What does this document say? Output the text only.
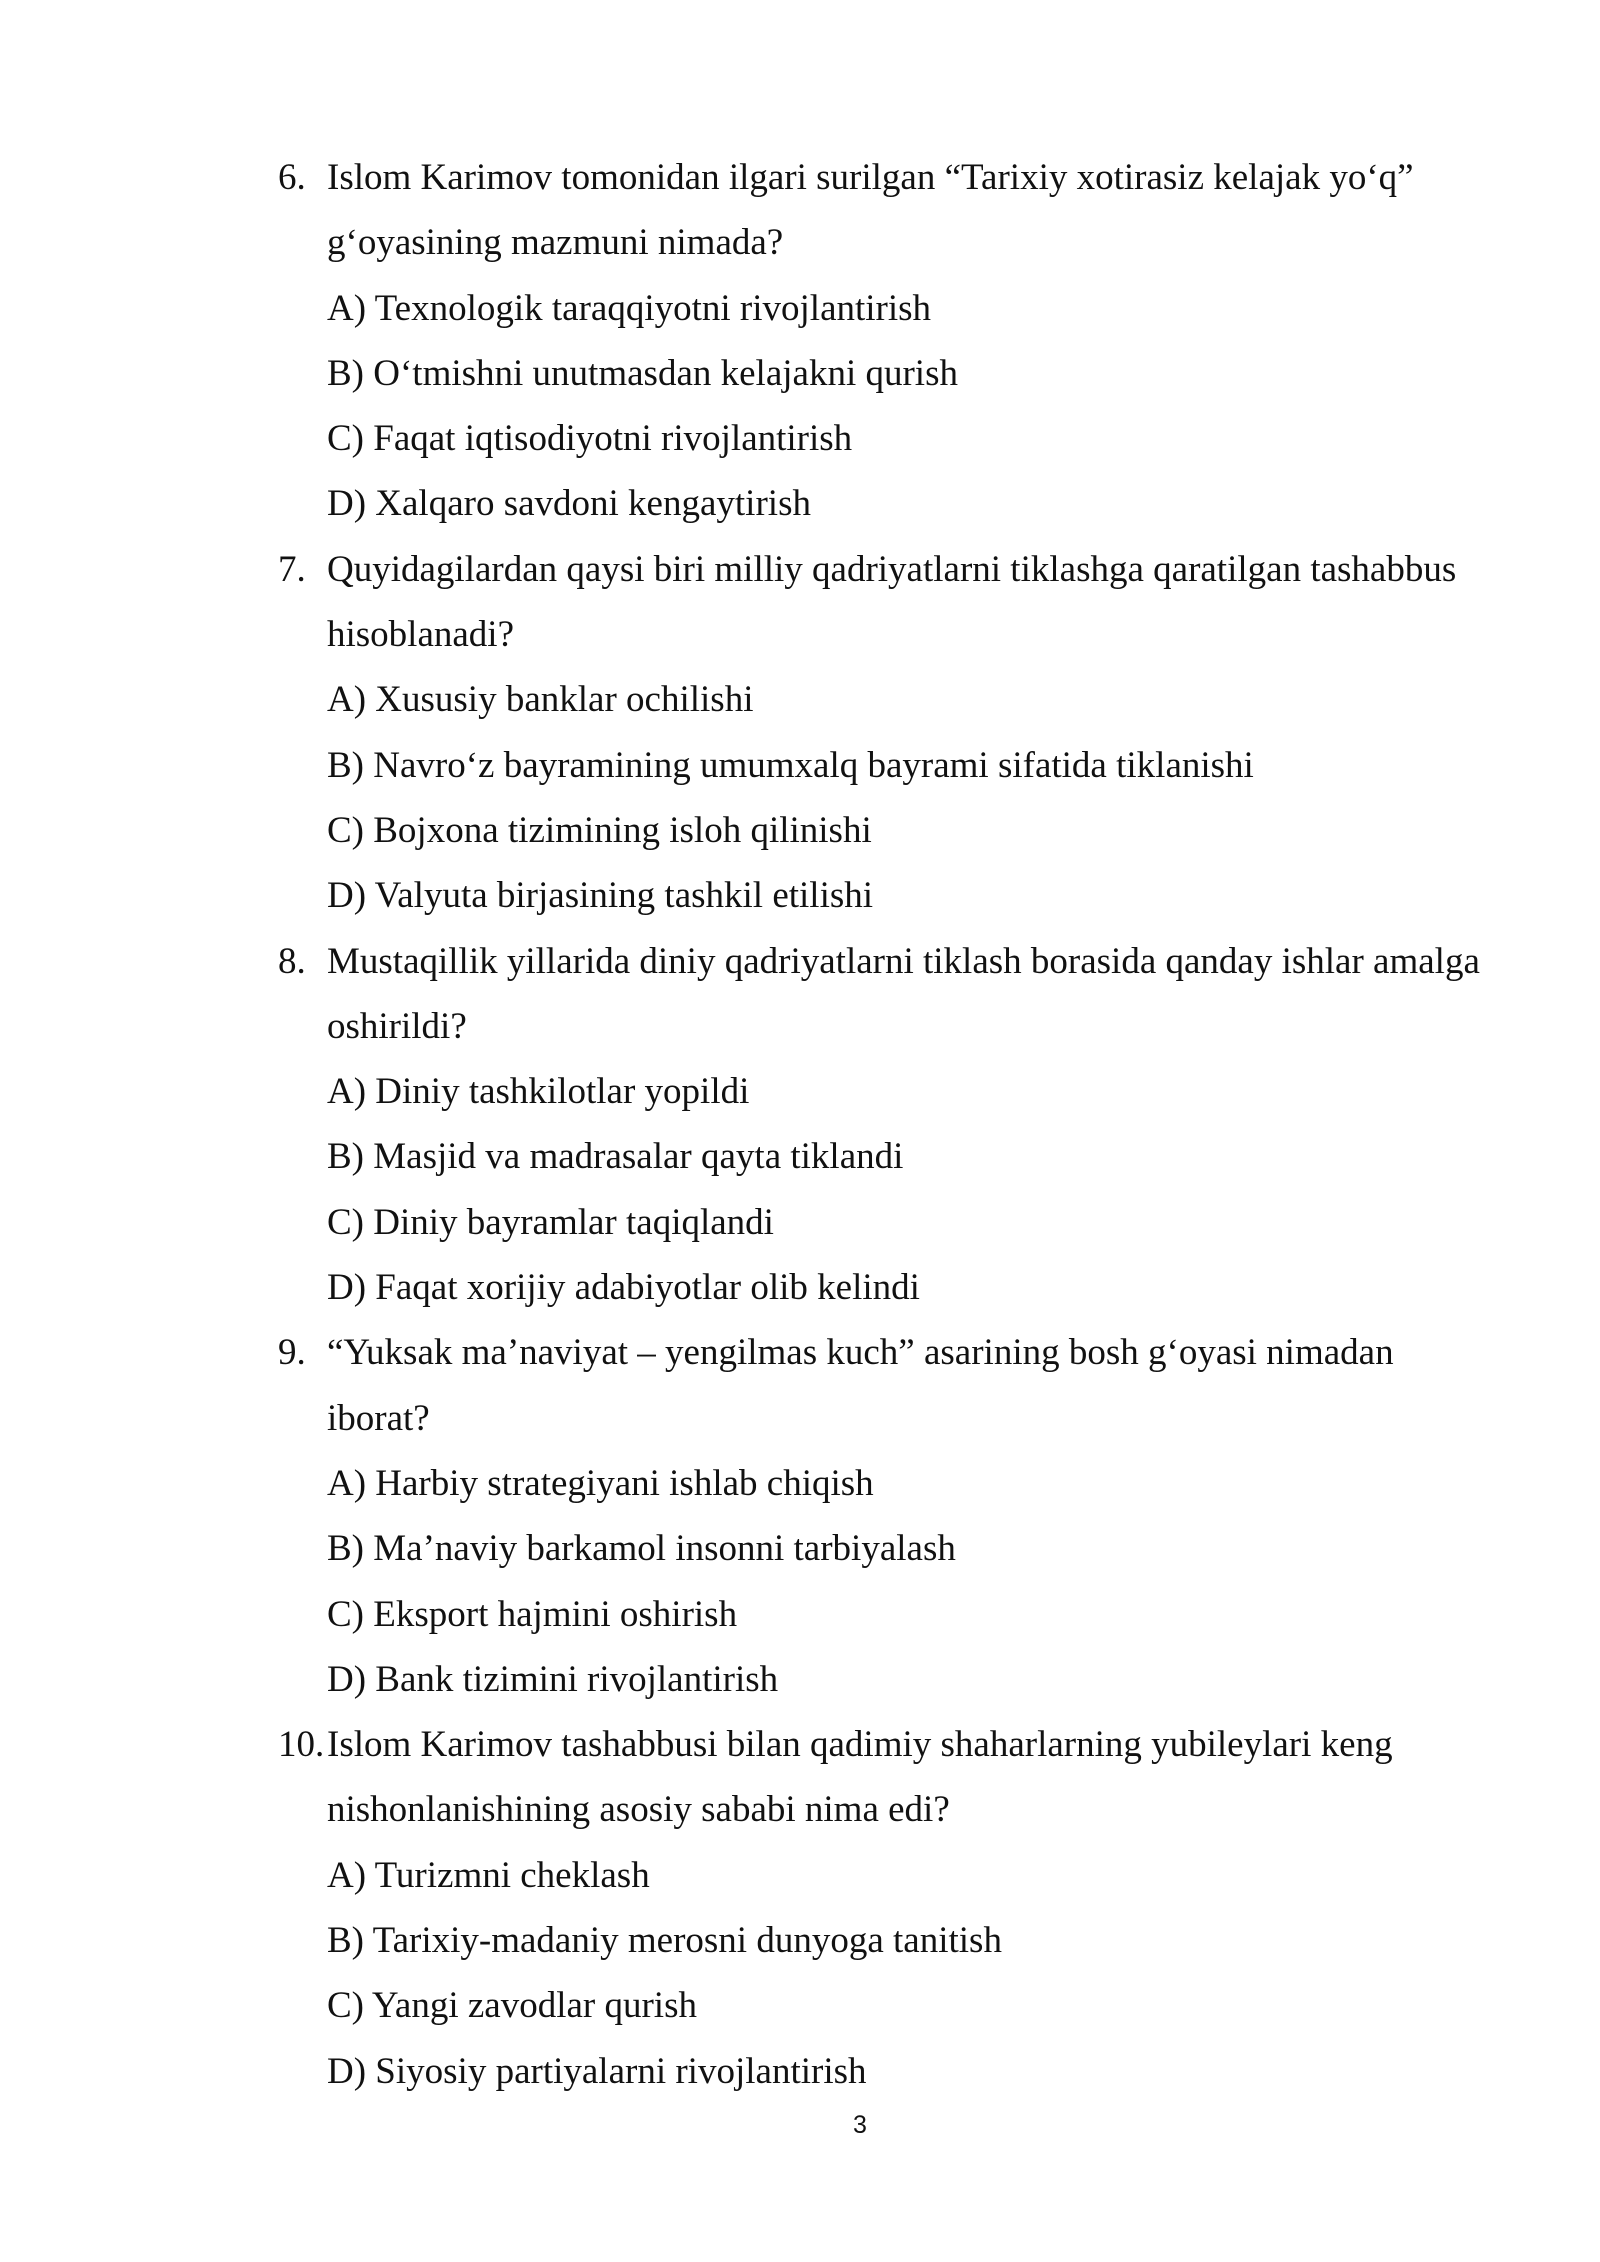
6. Islom Karimov tomonidan ilgari surilgan “Tarixiy xotirasiz kelajak yo‘q” g‘oyasining mazmuni nimada?

A) Texnologik taraqqiyotni rivojlantirish
B) O‘tmishni unutmasdan kelajakni qurish
C) Faqat iqtisodiyotni rivojlantirish
D) Xalqaro savdoni kengaytirish
7. Quyidagilardan qaysi biri milliy qadriyatlarni tiklashga qaratilgan tashabbus hisoblanadi?

A) Xususiy banklar ochilishi
B) Navro‘z bayramining umumxalq bayrami sifatida tiklanishi
C) Bojxona tizimining isloh qilinishi
D) Valyuta birjasining tashkil etilishi
8. Mustaqillik yillarida diniy qadriyatlarni tiklash borasida qanday ishlar amalga oshirildi?

A) Diniy tashkilotlar yopildi
B) Masjid va madrasalar qayta tiklandi
C) Diniy bayramlar taqiqlandi
D) Faqat xorijiy adabiyotlar olib kelindi
9. “Yuksak ma’naviyat – yengilmas kuch” asarining bosh g‘oyasi nimadan iborat?

A) Harbiy strategiyani ishlab chiqish
B) Ma’naviy barkamol insonni tarbiyalash
C) Eksport hajmini oshirish
D) Bank tizimini rivojlantirish
10. Islom Karimov tashabbusi bilan qadimiy shaharlarning yubileylari keng nishonlanishining asosiy sababi nima edi?

A) Turizmni cheklash
B) Tarixiy-madaniy merosni dunyoga tanitish
C) Yangi zavodlar qurish
D) Siyosiy partiyalarni rivojlantirish
3
